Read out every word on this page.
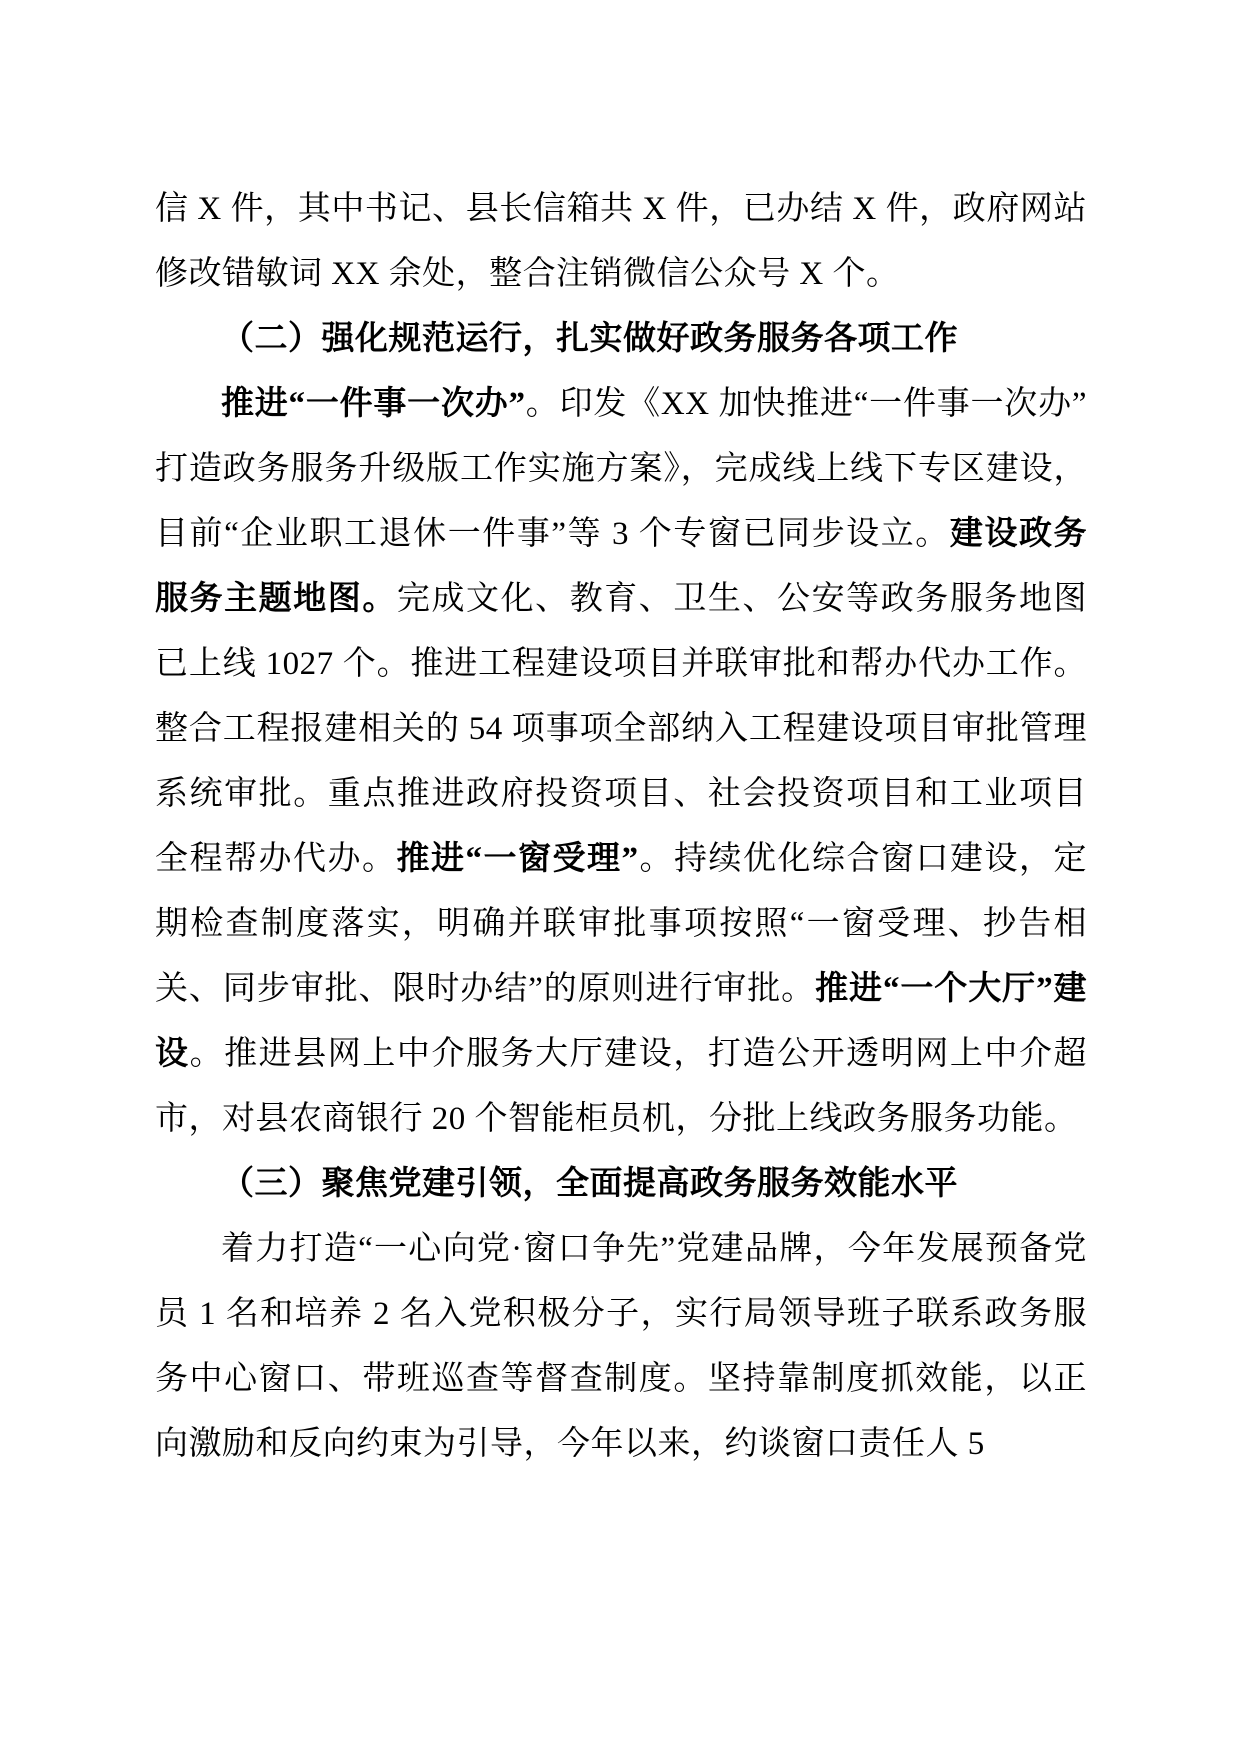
信 X 件，其中书记、县长信箱共 X 件，已办结 X 件，政府网站修改错敏词 XX 余处，整合注销微信公众号 X 个。

（二）强化规范运行，扎实做好政务服务各项工作

推进“一件事一次办”。印发《XX 加快推进“一件事一次办”打造政务服务升级版工作实施方案》，完成线上线下专区建设，目前“企业职工退休一件事”等 3 个专窗已同步设立。建设政务服务主题地图。完成文化、教育、卫生、公安等政务服务地图已上线 1027 个。推进工程建设项目并联审批和帮办代办工作。整合工程报建相关的 54 项事项全部纳入工程建设项目审批管理系统审批。重点推进政府投资项目、社会投资项目和工业项目全程帮办代办。推进“一窗受理”。持续优化综合窗口建设，定期检查制度落实，明确并联审批事项按照“一窗受理、抄告相关、同步审批、限时办结”的原则进行审批。推进“一个大厅”建设。推进县网上中介服务大厅建设，打造公开透明网上中介超市，对县农商银行 20 个智能柜员机，分批上线政务服务功能。

（三）聚焦党建引领，全面提高政务服务效能水平

着力打造“一心向党·窗口争先”党建品牌，今年发展预备党员 1 名和培养 2 名入党积极分子，实行局领导班子联系政务服务中心窗口、带班巡查等督查制度。坚持靠制度抓效能，以正向激励和反向约束为引导，今年以来，约谈窗口责任人 5
